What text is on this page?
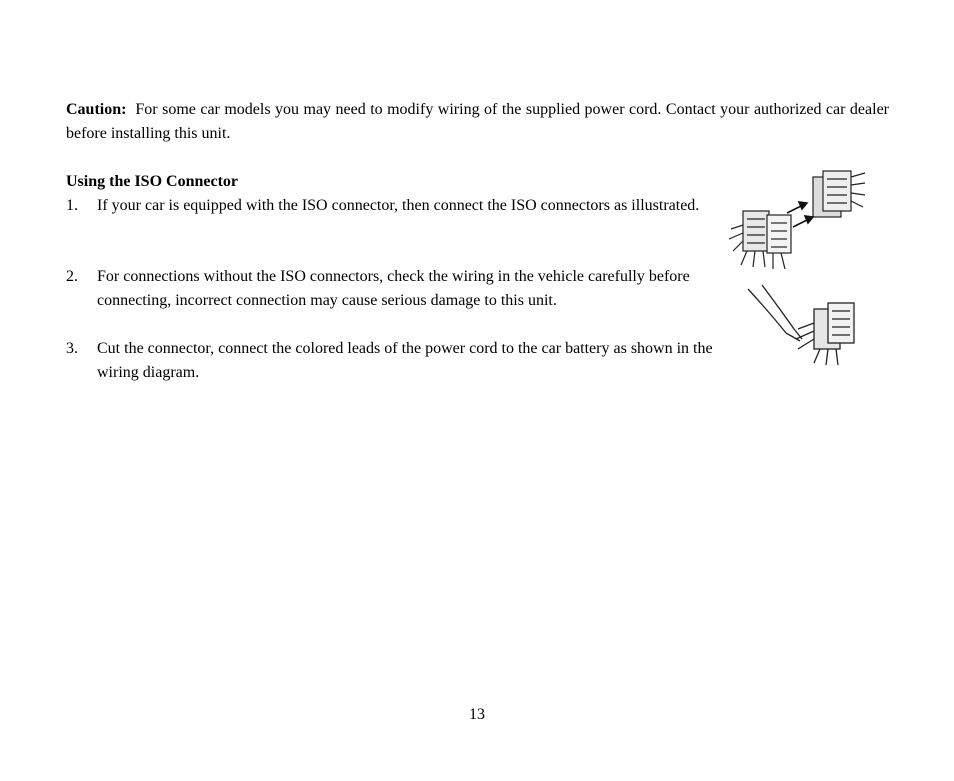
Caution: For some car models you may need to modify wiring of the supplied power cord. Contact your authorized car dealer before installing this unit.

Using the ISO Connector
1.	If your car is equipped with the ISO connector, then connect the ISO connectors as illustrated.
2.	For connections without the ISO connectors, check the wiring in the vehicle carefully before connecting, incorrect connection may cause serious damage to this unit.
3.	Cut the connector, connect the colored leads of the power cord to the car battery as shown in the wiring diagram.
13
